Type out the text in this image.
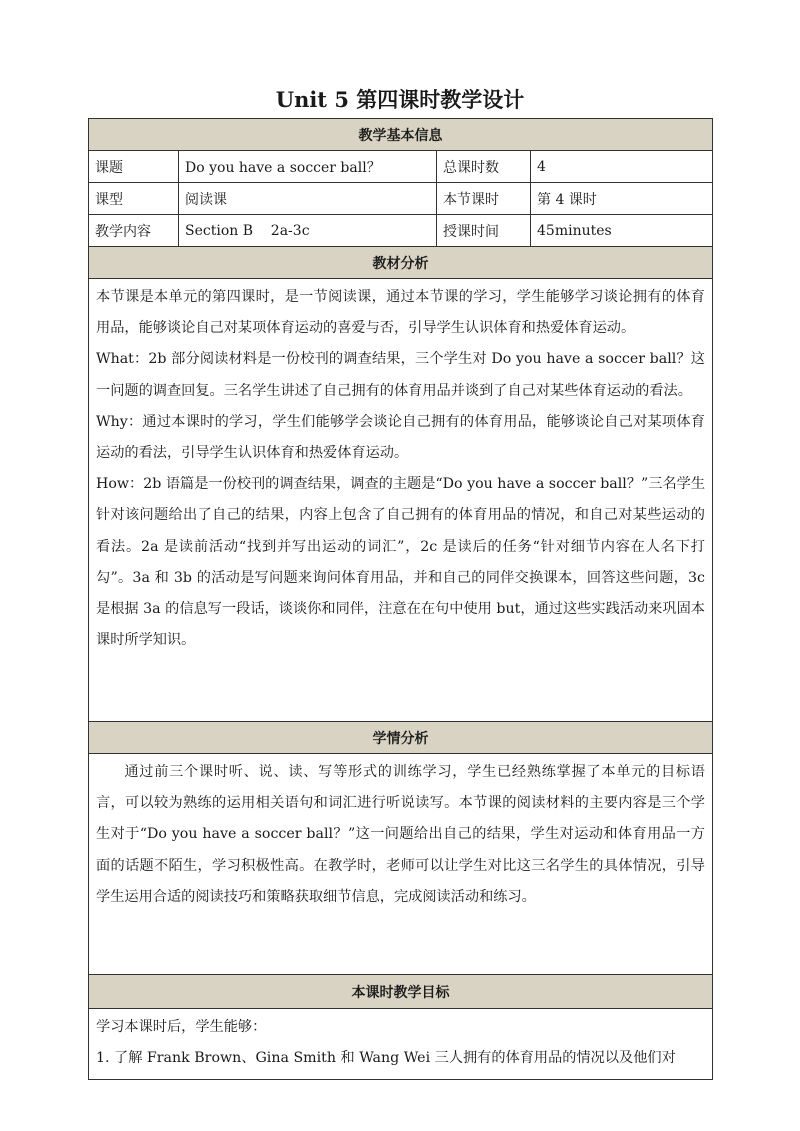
Unit 5 第四课时教学设计
教学基本信息			
课题	Do you have a soccer ball？	总课时数	4
课型	阅读课	本节课时	第 4 课时
教学内容	Section B    2a-3c	授课时间	45minutes
教材分析			

本节课是本单元的第四课时，是一节阅读课，通过本节课的学习，学生能够学习谈论拥有的体育用品，能够谈论自己对某项体育运动的喜爱与否，引导学生认识体育和热爱体育运动。

What：2b 部分阅读材料是一份校刊的调查结果，三个学生对 Do you have a soccer ball？这一问题的调查回复。三名学生讲述了自己拥有的体育用品并谈到了自己对某些体育运动的看法。

Why：通过本课时的学习，学生们能够学会谈论自己拥有的体育用品，能够谈论自己对某项体育运动的看法，引导学生认识体育和热爱体育运动。

How：2b 语篇是一份校刊的调查结果，调查的主题是“Do you have a soccer ball？”三名学生针对该问题给出了自己的结果，内容上包含了自己拥有的体育用品的情况，和自己对某些运动的看法。2a 是读前活动“找到并写出运动的词汇”，2c 是读后的任务“针对细节内容在人名下打勾”。3a 和 3b 的活动是写问题来询问体育用品，并和自己的同伴交换课本，回答这些问题，3c 是根据 3a 的信息写一段话，谈谈你和同伴，注意在在句中使用 but，通过这些实践活动来巩固本课时所学知识。			

学情分析			

通过前三个课时听、说、读、写等形式的训练学习，学生已经熟练掌握了本单元的目标语言，可以较为熟练的运用相关语句和词汇进行听说读写。本节课的阅读材料的主要内容是三个学生对于“Do you have a soccer ball？”这一问题给出自己的结果，学生对运动和体育用品一方面的话题不陌生，学习积极性高。在教学时，老师可以让学生对比这三名学生的具体情况，引导学生运用合适的阅读技巧和策略获取细节信息，完成阅读活动和练习。			

本课时教学目标			

学习本课时后，学生能够：

1. 了解 Frank Brown、Gina Smith 和 Wang Wei 三人拥有的体育用品的情况以及他们对			
